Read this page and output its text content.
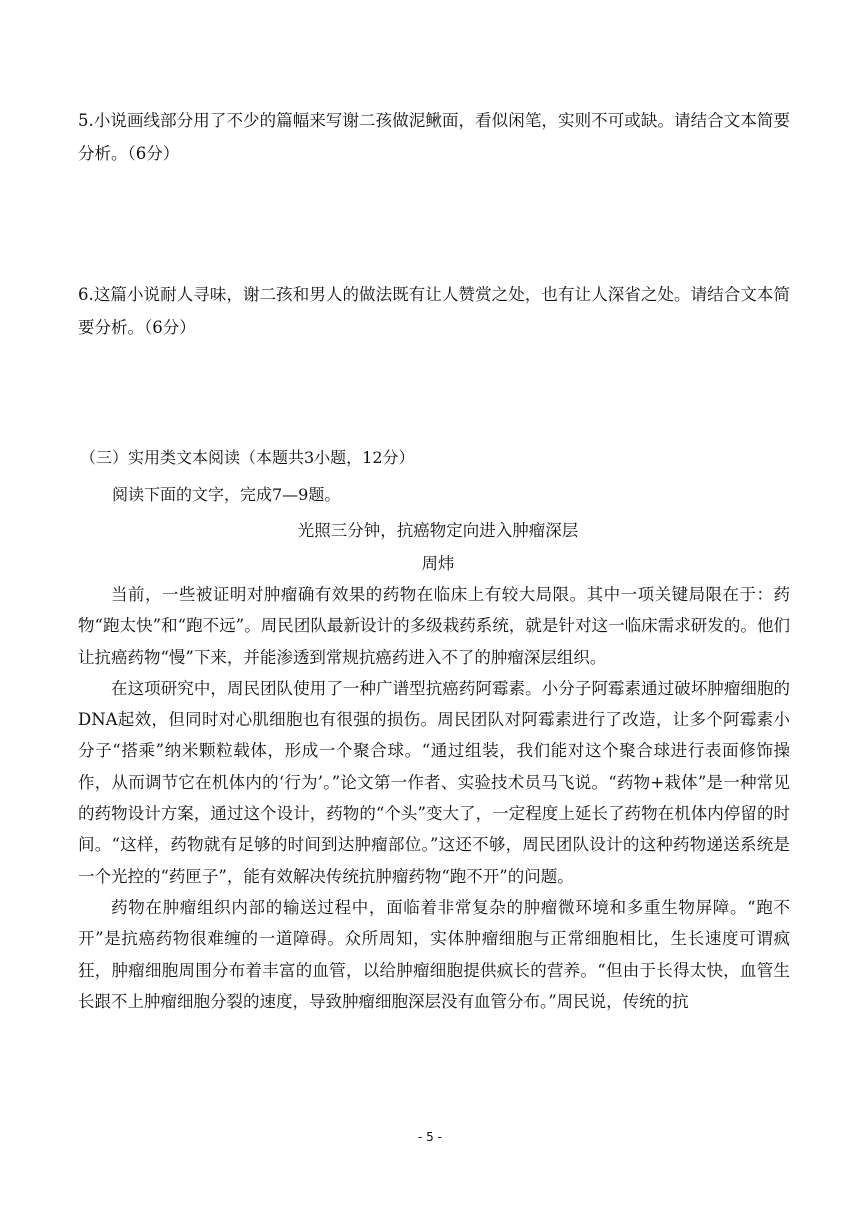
5.小说画线部分用了不少的篇幅来写谢二孩做泥鳅面，看似闲笔，实则不可或缺。请结合文本简要分析。（6分）

6.这篇小说耐人寻味，谢二孩和男人的做法既有让人赞赏之处，也有让人深省之处。请结合文本简要分析。（6分）

（三）实用类文本阅读（本题共3小题，12分）

阅读下面的文字，完成7—9题。

光照三分钟，抗癌物定向进入肿瘤深层

周炜

当前，一些被证明对肿瘤确有效果的药物在临床上有较大局限。其中一项关键局限在于：药物“跑太快”和“跑不远”。周民团队最新设计的多级栽药系统，就是针对这一临床需求研发的。他们让抗癌药物“慢”下来，并能渗透到常规抗癌药进入不了的肿瘤深层组织。

在这项研究中，周民团队使用了一种广谱型抗癌药阿霉素。小分子阿霉素通过破坏肿瘤细胞的DNA起效，但同时对心肌细胞也有很强的损伤。周民团队对阿霉素进行了改造，让多个阿霉素小分子“搭乘”纳米颗粒载体，形成一个聚合球。“通过组装，我们能对这个聚合球进行表面修饰操作，从而调节它在机体内的‘行为’。”论文第一作者、实验技术员马飞说。“药物+栽体”是一种常见的药物设计方案，通过这个设计，药物的“个头”变大了，一定程度上延长了药物在机体内停留的时间。“这样，药物就有足够的时间到达肿瘤部位。”这还不够，周民团队设计的这种药物递送系统是一个光控的“药匣子”，能有效解决传统抗肿瘤药物“跑不开”的问题。

药物在肿瘤组织内部的输送过程中，面临着非常复杂的肿瘤微环境和多重生物屏障。“跑不开”是抗癌药物很难缠的一道障碍。众所周知，实体肿瘤细胞与正常细胞相比，生长速度可谓疯狂，肿瘤细胞周围分布着丰富的血管，以给肿瘤细胞提供疯长的营养。“但由于长得太快，血管生长跟不上肿瘤细胞分裂的速度，导致肿瘤细胞深层没有血管分布。”周民说，传统的抗

- 5 -
